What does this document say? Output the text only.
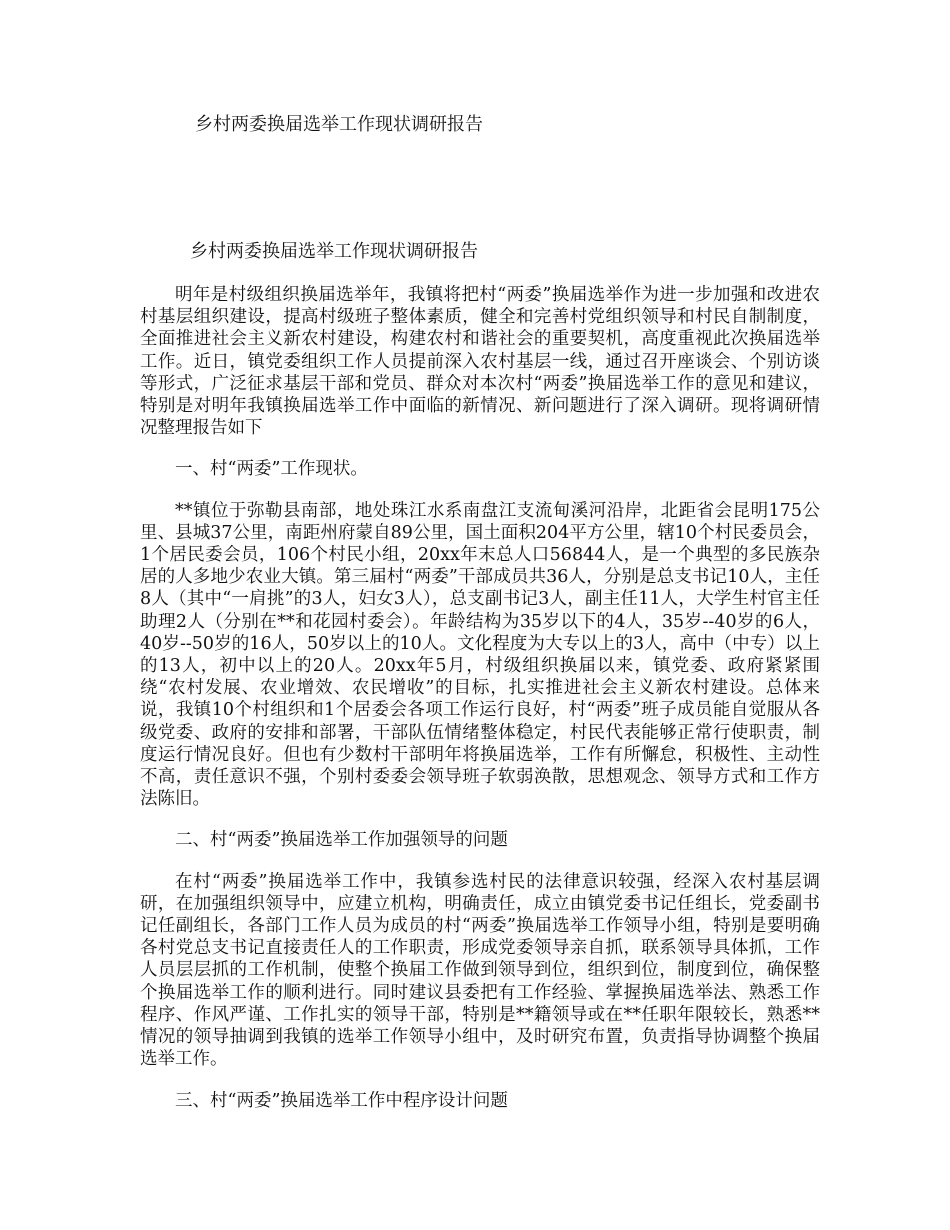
乡村两委换届选举工作现状调研报告
乡村两委换届选举工作现状调研报告

明年是村级组织换届选举年，我镇将把村“两委”换届选举作为进一步加强和改进农村基层组织建设，提高村级班子整体素质，健全和完善村党组织领导和村民自制制度，全面推进社会主义新农村建设，构建农村和谐社会的重要契机，高度重视此次换届选举工作。近日，镇党委组织工作人员提前深入农村基层一线，通过召开座谈会、个别访谈等形式，广泛征求基层干部和党员、群众对本次村“两委”换届选举工作的意见和建议，特别是对明年我镇换届选举工作中面临的新情况、新问题进行了深入调研。现将调研情况整理报告如下

一、村“两委”工作现状。

**镇位于弥勒县南部，地处珠江水系南盘江支流甸溪河沿岸，北距省会昆明175公里、县城37公里，南距州府蒙自89公里，国土面积204平方公里，辖10个村民委员会，1个居民委会员，106个村民小组，20xx年末总人口56844人，是一个典型的多民族杂居的人多地少农业大镇。第三届村“两委”干部成员共36人，分别是总支书记10人，主任8人（其中“一肩挑”的3人，妇女3人），总支副书记3人，副主任11人，大学生村官主任助理2人（分别在**和花园村委会）。年龄结构为35岁以下的4人，35岁--40岁的6人，40岁--50岁的16人，50岁以上的10人。文化程度为大专以上的3人，高中（中专）以上的13人，初中以上的20人。20xx年5月，村级组织换届以来，镇党委、政府紧紧围绕“农村发展、农业增效、农民增收”的目标，扎实推进社会主义新农村建设。总体来说，我镇10个村组织和1个居委会各项工作运行良好，村“两委”班子成员能自觉服从各级党委、政府的安排和部署，干部队伍情绪整体稳定，村民代表能够正常行使职责，制度运行情况良好。但也有少数村干部明年将换届选举，工作有所懈怠，积极性、主动性不高，责任意识不强，个别村委委会领导班子软弱涣散，思想观念、领导方式和工作方法陈旧。

二、村“两委”换届选举工作加强领导的问题

在村“两委”换届选举工作中，我镇参选村民的法律意识较强，经深入农村基层调研，在加强组织领导中，应建立机构，明确责任，成立由镇党委书记任组长，党委副书记任副组长，各部门工作人员为成员的村“两委”换届选举工作领导小组，特别是要明确各村党总支书记直接责任人的工作职责，形成党委领导亲自抓，联系领导具体抓，工作人员层层抓的工作机制，使整个换届工作做到领导到位，组织到位，制度到位，确保整个换届选举工作的顺利进行。同时建议县委把有工作经验、掌握换届选举法、熟悉工作程序、作风严谨、工作扎实的领导干部，特别是**籍领导或在**任职年限较长，熟悉**情况的领导抽调到我镇的选举工作领导小组中，及时研究布置，负责指导协调整个换届选举工作。

三、村“两委”换届选举工作中程序设计问题
